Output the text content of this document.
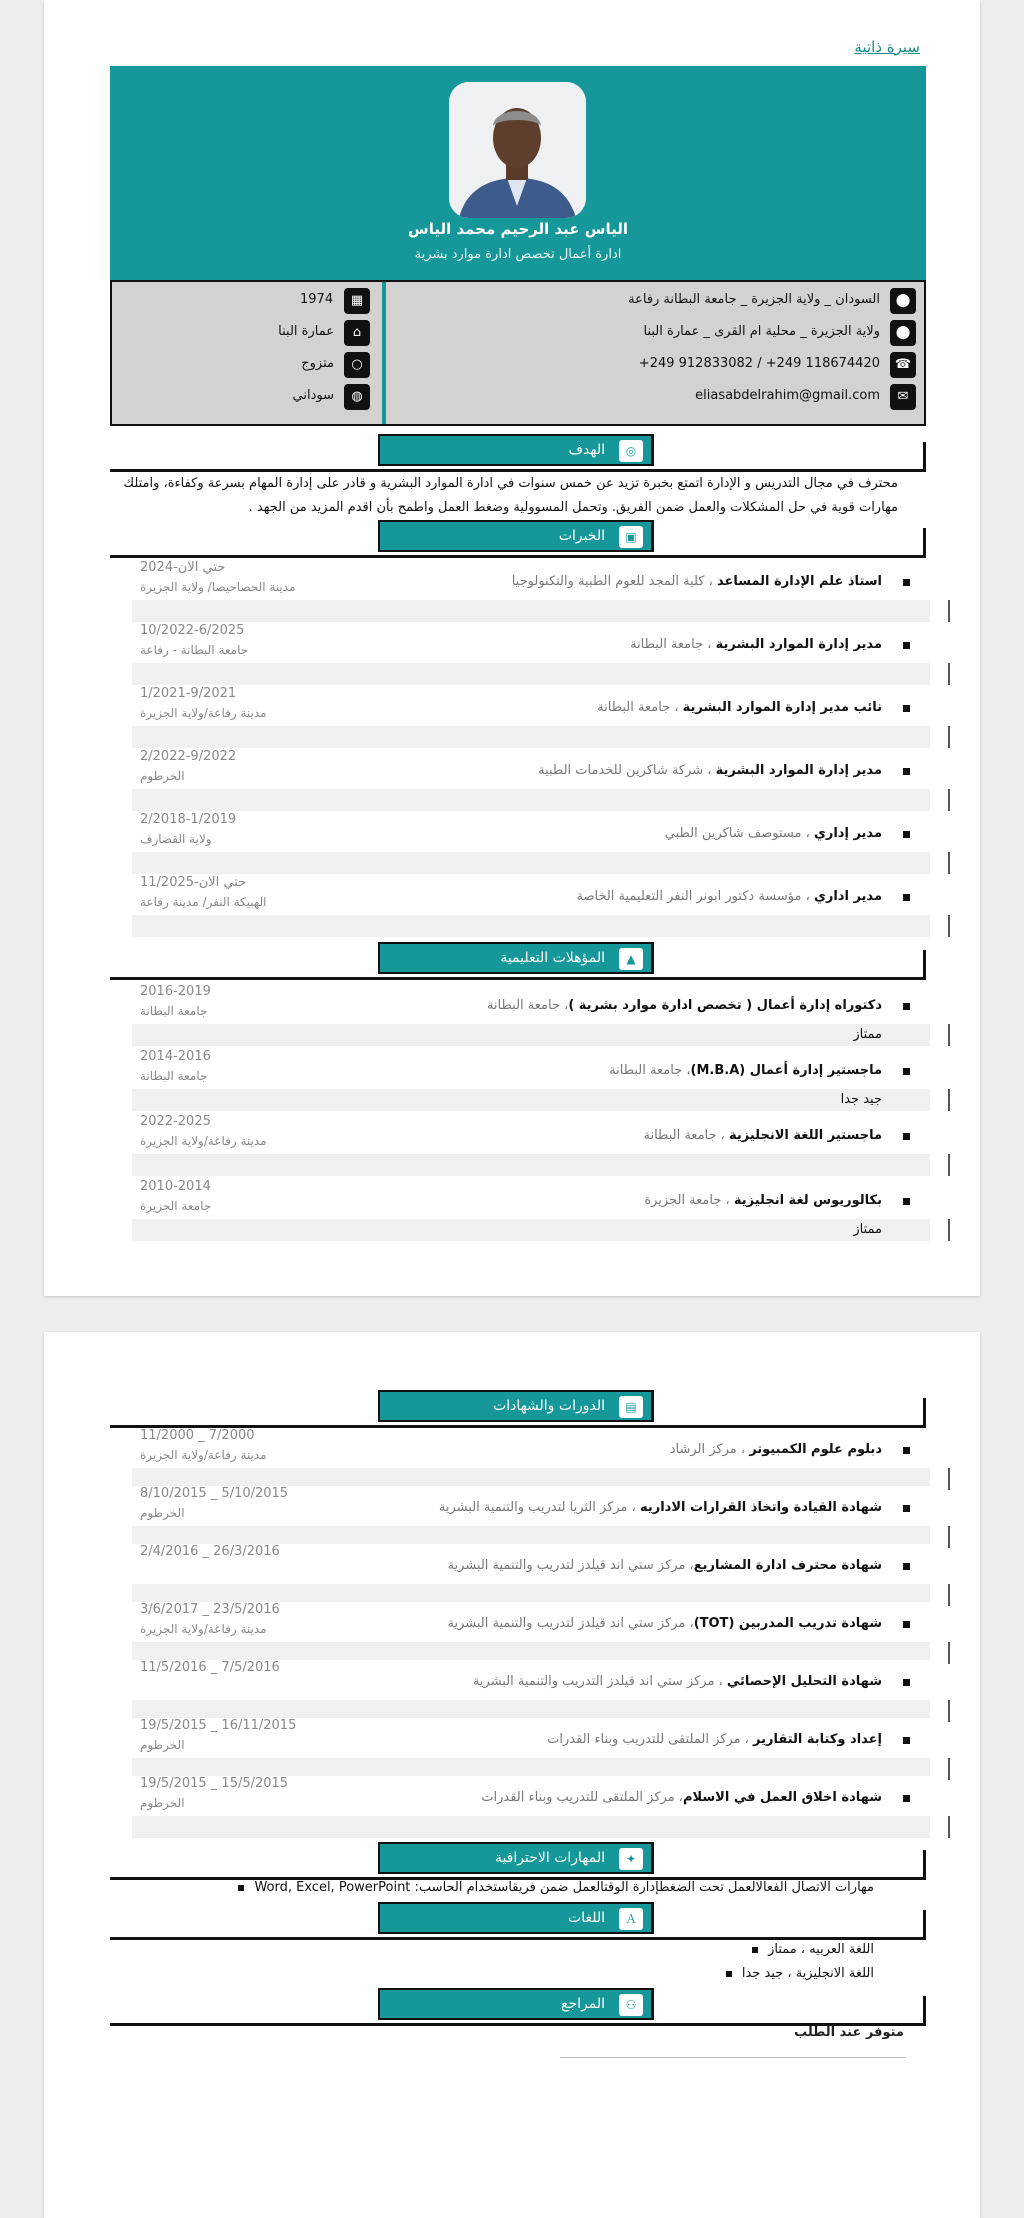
سيرة ذاتية
الياس عبد الرحيم محمد الياس
ادارة أعمال تخصص ادارة موارد بشرية
⬤
السودان _ ولاية الجزيرة _ جامعة البطانة رفاعة
⬤
ولاية الجزيرة _ محلية ام القرى _ عمارة البنا
☎
+249 912833082 / +249 118674420
✉
eliasabdelrahim@gmail.com
▦
1974
⌂
عمارة البنا
○
متزوج
◍
سوداني
◎
الهدف
محترف في مجال التدريس و الإدارة اتمتع بخبرة تزيد عن خمس سنوات في ادارة الموارد البشرية و قادر على إدارة المهام بسرعة وكفاءة، وامتلك مهارات قوية في حل المشكلات والعمل ضمن الفريق. وتحمل المسوولية وضغط العمل واطمح بأن اقدم المزيد من الجهد .
▣
الخبرات
استاذ علم الإدارة المساعد ، كلية المجد للعوم الطبية والتكنولوجيا
2024-حتي الان
مدينة الحصاحيصا/ ولاية الجزيرة
مدير إدارة الموارد البشرية ، جامعة البطانة
10/2022-6/2025
جامعة البطانة - رفاعة
نائب مدير إدارة الموارد البشرية ، جامعة البطانة
1/2021-9/2021
مدينة رفاعة/ولاية الجزيرة
مدير إدارة الموارد البشرية ، شركة شاكرين للخدمات الطبية
2/2022-9/2022
الخرطوم
مدير إداري ، مستوصف شاكرين الطبي
2/2018-1/2019
ولاية القضارف
مدير اداري ، مؤسسة دكتور ابونر النفر التعليمية الخاصة
11/2025-حتي الان
الهبيكة النفر/ مدينة رفاعة
▲
المؤهلات التعليمية
دكتوراه إدارة أعمال ( تخصص ادارة موارد بشرية )، جامعة البطانة
2016-2019
جامعة البطانة
ممتاز
ماجستير إدارة أعمال (M.B.A)، جامعة البطانة
2014-2016
جامعة البطانة
جيد جدا
ماجستير اللغة الانجليزية ، جامعة البطانة
2022-2025
مدينة رفاعة/ولاية الجزيرة
بكالوريوس لغة انجليزية ، جامعة الجزيرة
2010-2014
جامعة الجزيرة
ممتاز
▤
الدورات والشهادات
دبلوم علوم الكمبيوتر ، مركز الرشاد
11/2000 _ 7/2000
مدينة رفاعة/ولاية الجزيرة
شهادة القيادة واتخاذ القرارات الاداريه ، مركز الثريا لتدريب والتنمية البشرية
8/10/2015 _ 5/10/2015
الخرطوم
شهادة محترف ادارة المشاريع، مركز ستي اند قيلدز لتدريب والتنمية البشرية
2/4/2016 _ 26/3/2016
شهادة تدريب المدربين (TOT)، مركز ستي اند قيلدز لتدريب والتنمية البشرية
3/6/2017 _ 23/5/2016
مدينة رفاعة/ولاية الجزيرة
شهادة التحليل الإحصائي ، مركز ستي اند قيلدز التدريب والتنمية البشرية
11/5/2016 _ 7/5/2016
إعداد وكتابة التقارير ، مركز الملتقى للتدريب وبناء القدرات
19/5/2015 _ 16/11/2015
الخرطوم
شهادة اخلاق العمل في الاسلام، مركز الملتقى للتدريب وبناء القدرات
19/5/2015 _ 15/5/2015
الخرطوم
✦
المهارات الاحترافية
مهارات الاتصال الفعالالعمل تحت الضغطإدارة الوقتالعمل ضمن فريقاستخدام الحاسب: Word, Excel, PowerPoint
Ａ
اللغات
اللغة العربيه ، ممتاز
اللغة الانجليزية ، جيد جدا
⚇
المراجع
متوفر عند الطلب
